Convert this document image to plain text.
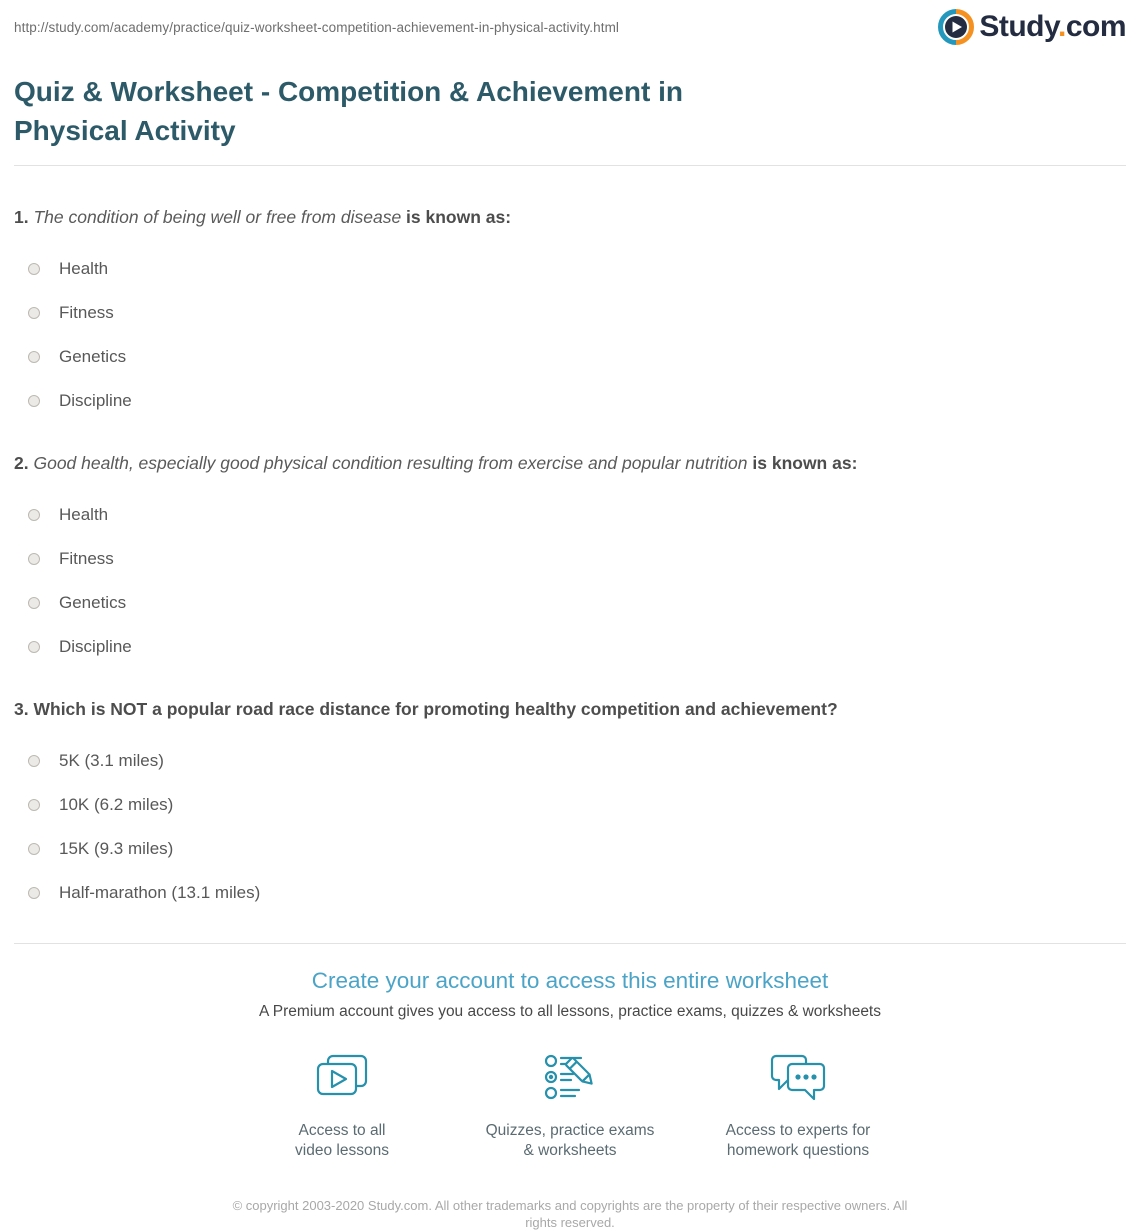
http://study.com/academy/practice/quiz-worksheet-competition-achievement-in-physical-activity.html	Study.com
Quiz & Worksheet - Competition & Achievement in
Physical Activity

1. The condition of being well or free from disease is known as:

Health
Fitness
Genetics
Discipline

2. Good health, especially good physical condition resulting from exercise and popular nutrition is known as:

Health
Fitness
Genetics
Discipline

3. Which is NOT a popular road race distance for promoting healthy competition and achievement?

5K (3.1 miles)
10K (6.2 miles)
15K (9.3 miles)
Half-marathon (13.1 miles)
Create your account to access this entire worksheet
A Premium account gives you access to all lessons, practice exams, quizzes & worksheets
Access to all
video lessons
Quizzes, practice exams
& worksheets
Access to experts for
homework questions
© copyright 2003-2020 Study.com. All other trademarks and copyrights are the property of their respective owners. All rights reserved.
